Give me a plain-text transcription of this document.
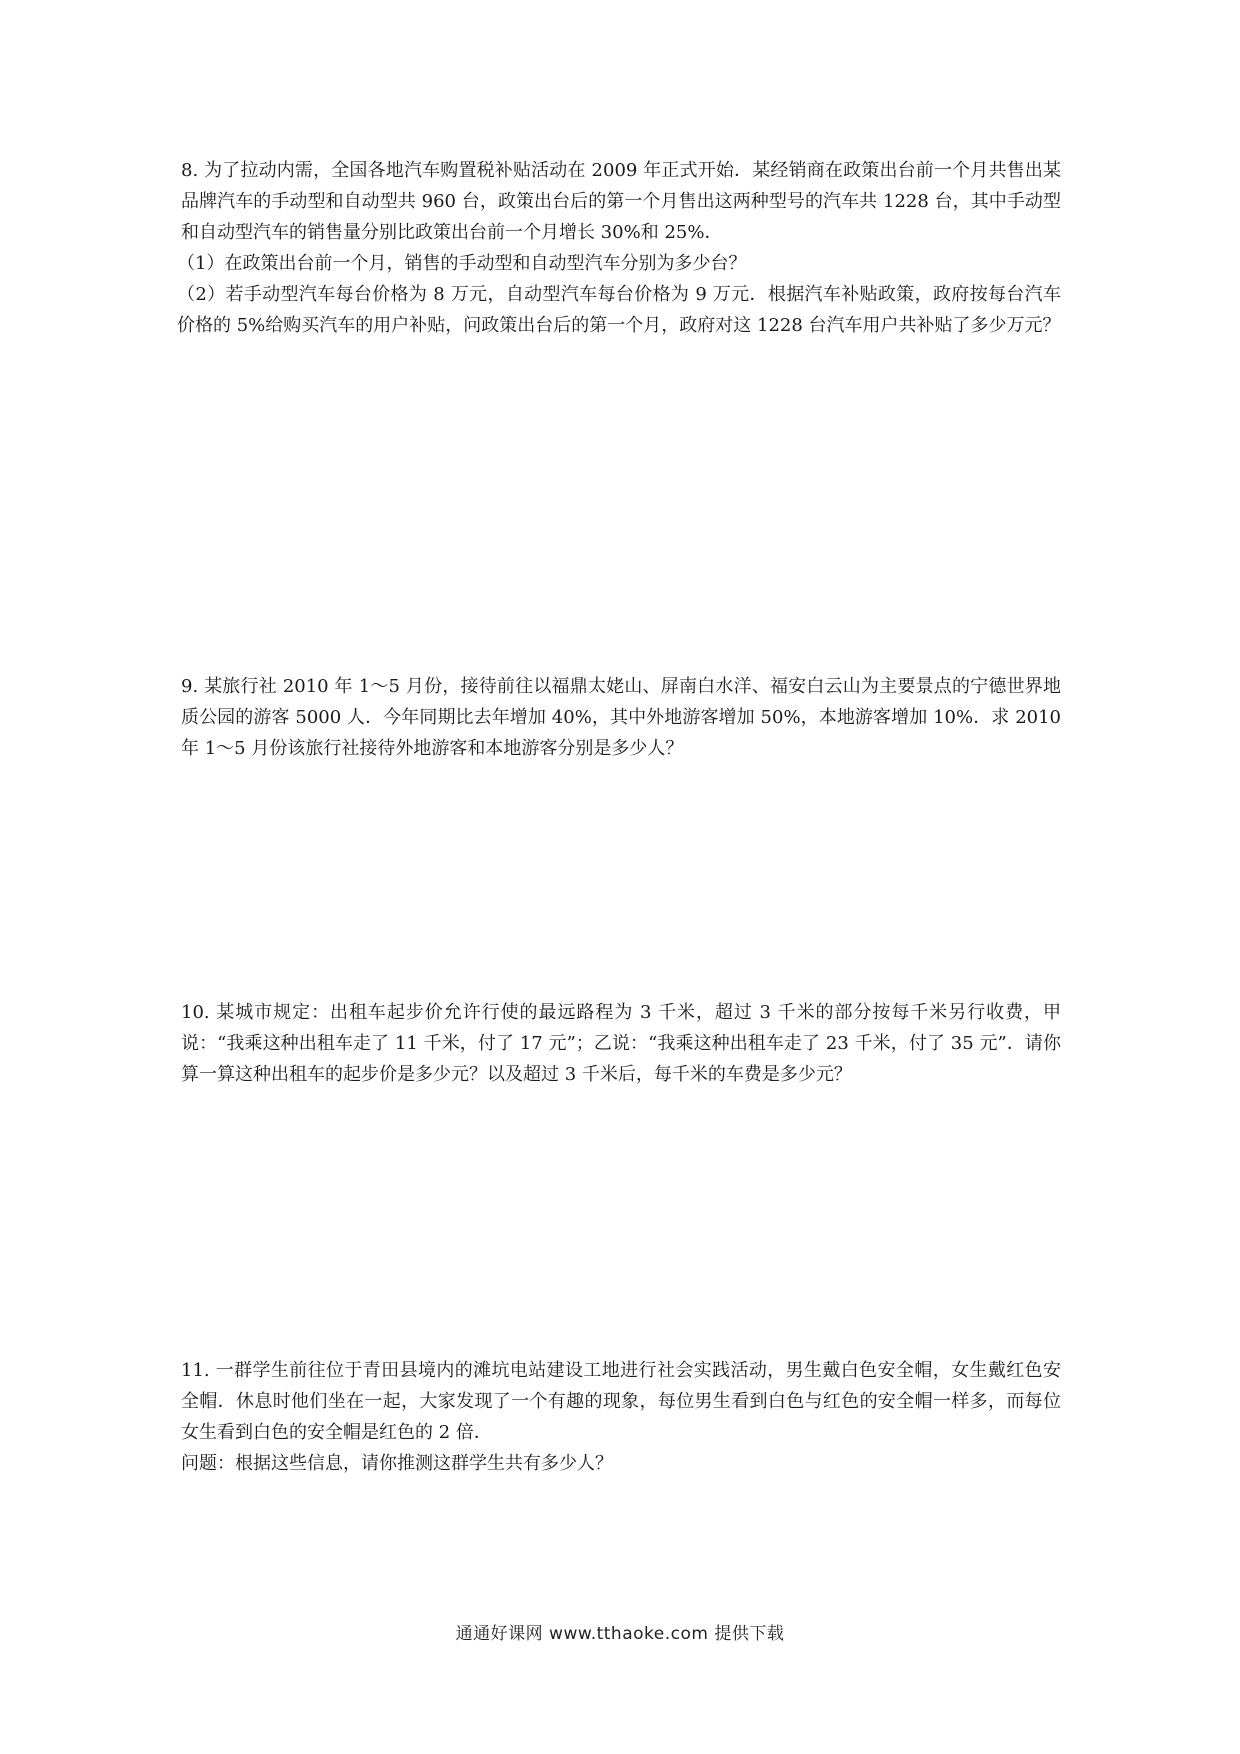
8. 为了拉动内需，全国各地汽车购置税补贴活动在 2009 年正式开始．某经销商在政策出台前一个月共售出某品牌汽车的手动型和自动型共 960 台，政策出台后的第一个月售出这两种型号的汽车共 1228 台，其中手动型和自动型汽车的销售量分别比政策出台前一个月增长 30%和 25%．

（1）在政策出台前一个月，销售的手动型和自动型汽车分别为多少台？

（2）若手动型汽车每台价格为 8 万元，自动型汽车每台价格为 9 万元．根据汽车补贴政策，政府按每台汽车价格的 5%给购买汽车的用户补贴，问政策出台后的第一个月，政府对这 1228 台汽车用户共补贴了多少万元？

9. 某旅行社 2010 年 1～5 月份，接待前往以福鼎太姥山、屏南白水洋、福安白云山为主要景点的宁德世界地质公园的游客 5000 人．今年同期比去年增加 40%，其中外地游客增加 50%，本地游客增加 10%．求 2010 年 1～5 月份该旅行社接待外地游客和本地游客分别是多少人？

10. 某城市规定：出租车起步价允许行使的最远路程为 3 千米，超过 3 千米的部分按每千米另行收费，甲说：“我乘这种出租车走了 11 千米，付了 17 元”；乙说：“我乘这种出租车走了 23 千米，付了 35 元”．请你算一算这种出租车的起步价是多少元？以及超过 3 千米后，每千米的车费是多少元？

11. 一群学生前往位于青田县境内的滩坑电站建设工地进行社会实践活动，男生戴白色安全帽，女生戴红色安全帽．休息时他们坐在一起，大家发现了一个有趣的现象，每位男生看到白色与红色的安全帽一样多，而每位女生看到白色的安全帽是红色的 2 倍．

问题：根据这些信息，请你推测这群学生共有多少人？

通通好课网 www.tthaoke.com 提供下载
